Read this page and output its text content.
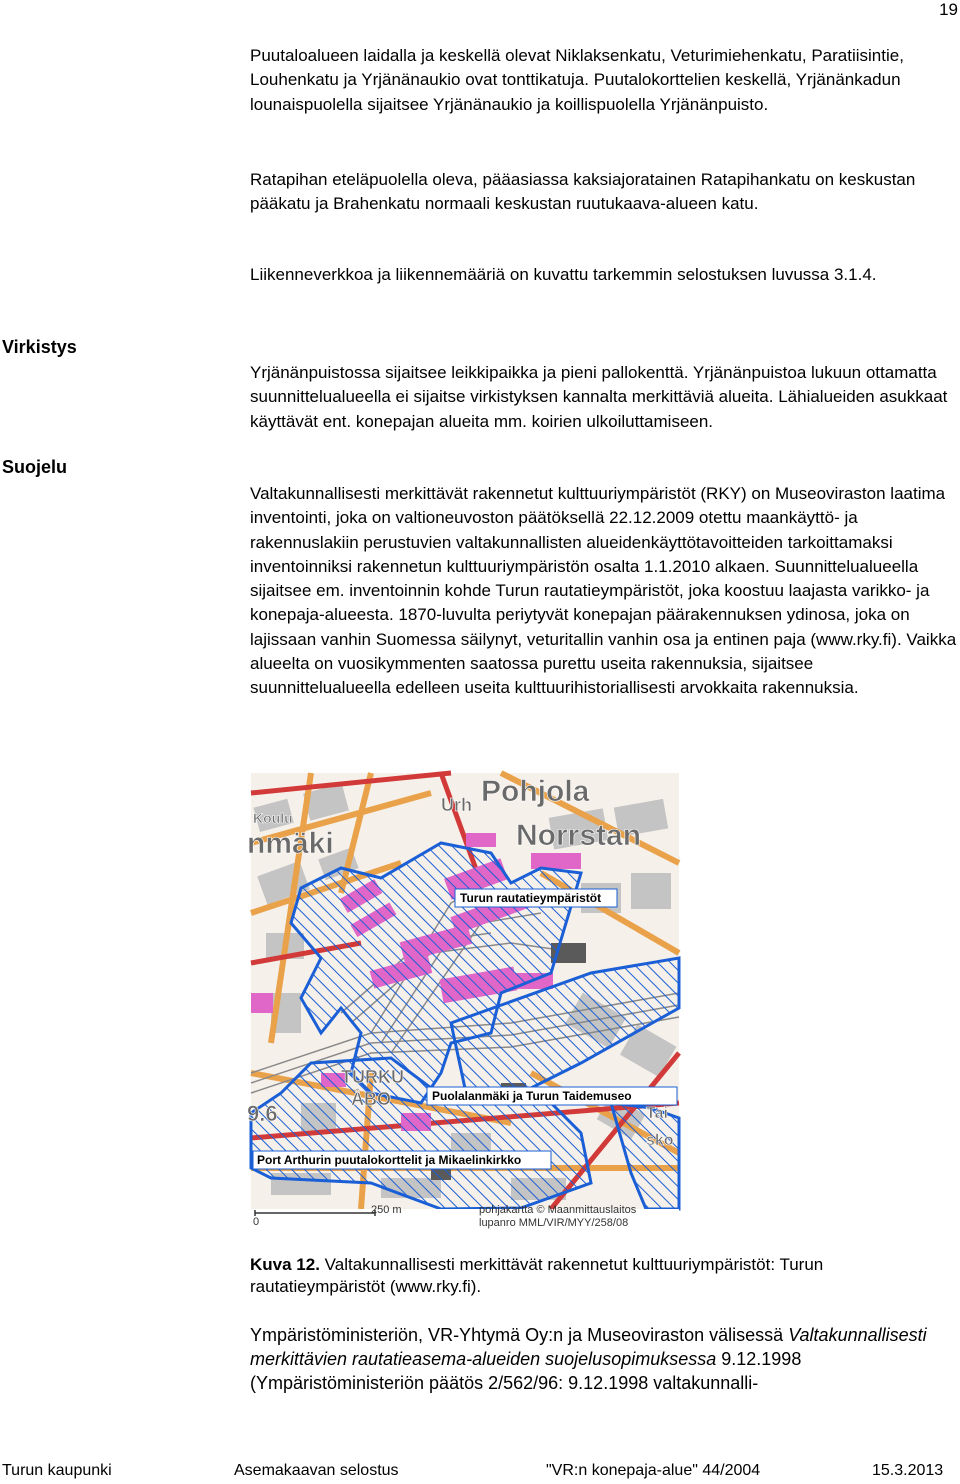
19

Puutaloalueen laidalla ja keskellä olevat Niklaksenkatu, Veturimiehenkatu, Paratiisintie, Louhenkatu ja Yrjänänaukio ovat tonttikatuja. Puutalokorttelien keskellä, Yrjänänkadun lounaispuolella sijaitsee Yrjänänaukio ja koillispuolella Yrjänänpuisto.

Ratapihan eteläpuolella oleva, pääasiassa kaksiajoratainen Ratapihankatu on keskustan pääkatu ja Brahenkatu normaali keskustan ruutukaava-alueen katu.

Liikenneverkkoa ja liikennemääriä on kuvattu tarkemmin selostuksen luvussa 3.1.4.

Virkistys
Suojelu

Yrjänänpuistossa sijaitsee leikkipaikka ja pieni pallokenttä. Yrjänänpuistoa lukuun ottamatta suunnittelualueella ei sijaitse virkistyksen kannalta merkittäviä alueita. Lähialueiden asukkaat käyttävät ent. konepajan alueita mm. koirien ulkoiluttamiseen.

Valtakunnallisesti merkittävät rakennetut kulttuuriympäristöt (RKY) on Museoviraston laatima inventointi, joka on valtioneuvoston päätöksellä 22.12.2009 otettu maankäyttö- ja rakennuslakiin perustuvien valtakunnallisten alueidenkäyttötavoitteiden tarkoittamaksi inventoinniksi rakennetun kulttuuriympäristön osalta 1.1.2010 alkaen. Suunnittelualueella sijaitsee em. inventoinnin kohde Turun rautatieympäristöt, joka koostuu laajasta varikko- ja konepaja-alueesta. 1870-luvulta periytyvät konepajan päärakennuksen ydinosa, joka on lajissaan vanhin Suomessa säilynyt, veturitallin vanhin osa ja entinen paja (www.rky.fi). Vaikka alueelta on vuosikymmenten saatossa purettu useita rakennuksia, sijaitsee suunnittelualueella edelleen useita kulttuurihistoriallisesti arvokkaita rakennuksia.

Pohjola
Urh
Koulu
nmäki	Norrstan
TURKU
ÅBO
9.6	Tai
sko
Turun rautatieympäristöt
Puolalanmäki ja Turun Taidemuseo
Port Arthurin puutalokorttelit ja Mikaelinkirkko
0
250 m	pohjakartta © Maanmittauslaitos
lupanro MML/VIR/MYY/258/08

Kuva 12. Valtakunnallisesti merkittävät rakennetut kulttuuriympäristöt: Turun rautatieympäristöt (www.rky.fi).

Ympäristöministeriön, VR-Yhtymä Oy:n ja Museoviraston välisessä Valtakunnallisesti merkittävien rautatieasema-alueiden suojelusopimuksessa 9.12.1998 (Ympäristöministeriön päätös 2/562/96: 9.12.1998 valtakunnalli-

Turun kaupunki	Asemakaavan selostus	"VR:n konepaja-alue" 44/2004	15.3.2013
